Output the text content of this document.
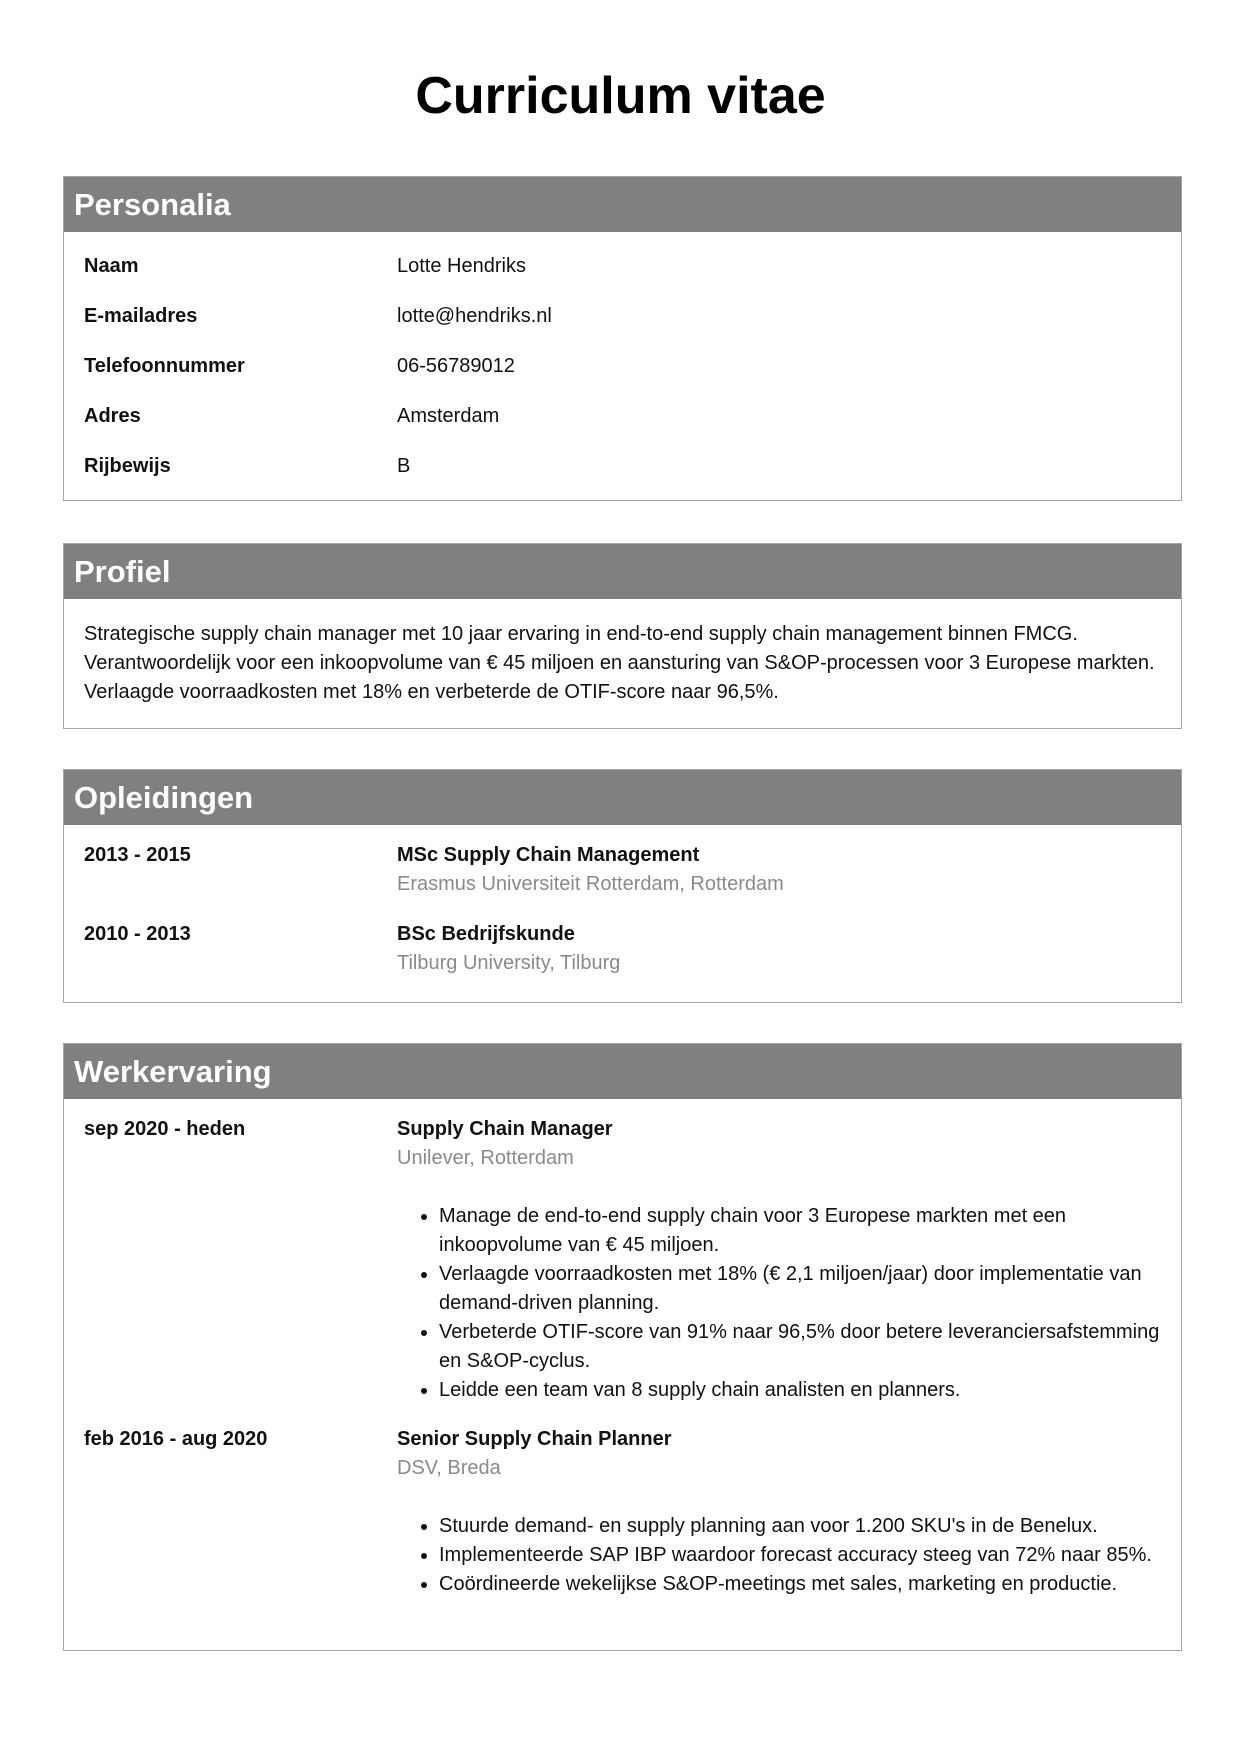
Curriculum vitae
Personalia
Naam	Lotte Hendriks
E-mailadres	lotte@hendriks.nl
Telefoonnummer	06-56789012
Adres	Amsterdam
Rijbewijs	B
Profiel
Strategische supply chain manager met 10 jaar ervaring in end-to-end supply chain management binnen FMCG. Verantwoordelijk voor een inkoopvolume van € 45 miljoen en aansturing van S&OP-processen voor 3 Europese markten. Verlaagde voorraadkosten met 18% en verbeterde de OTIF-score naar 96,5%.
Opleidingen
2013 - 2015	MSc Supply Chain Management
Erasmus Universiteit Rotterdam, Rotterdam
2010 - 2013	BSc Bedrijfskunde
Tilburg University, Tilburg
Werkervaring
sep 2020 - heden	Supply Chain Manager
Unilever, Rotterdam
• Manage de end-to-end supply chain voor 3 Europese markten met een inkoopvolume van € 45 miljoen.
• Verlaagde voorraadkosten met 18% (€ 2,1 miljoen/jaar) door implementatie van demand-driven planning.
• Verbeterde OTIF-score van 91% naar 96,5% door betere leveranciersafstemming en S&OP-cyclus.
• Leidde een team van 8 supply chain analisten en planners.
feb 2016 - aug 2020	Senior Supply Chain Planner
DSV, Breda
• Stuurde demand- en supply planning aan voor 1.200 SKU's in de Benelux.
• Implementeerde SAP IBP waardoor forecast accuracy steeg van 72% naar 85%.
• Coördineerde wekelijkse S&OP-meetings met sales, marketing en productie.
